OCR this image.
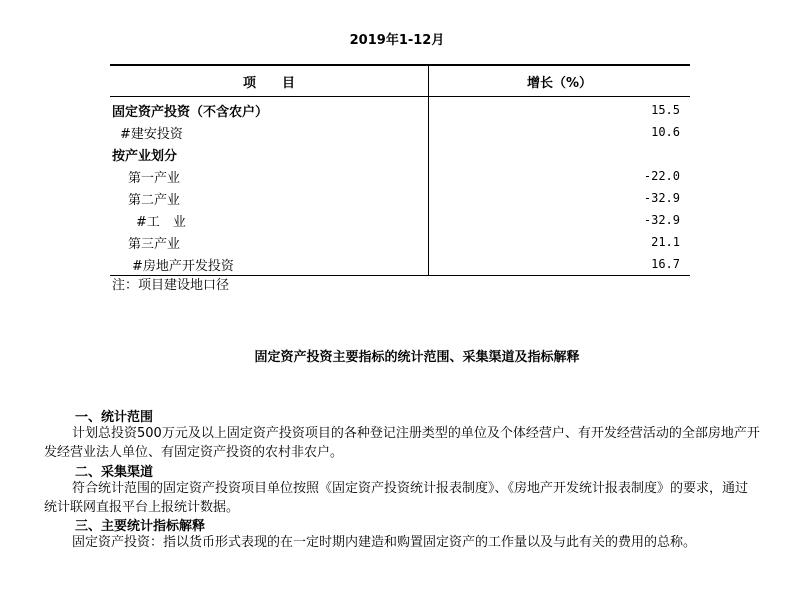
2019年1-12月
项　　目	增长（%）
固定资产投资（不含农户）	15.5
#建安投资	10.6
按产业划分	
第一产业	-22.0
第二产业	-32.9
#工　业	-32.9
第三产业	21.1
#房地产开发投资	16.7
注：项目建设地口径
固定资产投资主要指标的统计范围、采集渠道及指标解释
一、统计范围

计划总投资500万元及以上固定资产投资项目的各种登记注册类型的单位及个体经营户、有开发经营活动的全部房地产开发经营业法人单位、有固定资产投资的农村非农户。

二、采集渠道

符合统计范围的固定资产投资项目单位按照《固定资产投资统计报表制度》、《房地产开发统计报表制度》的要求，通过统计联网直报平台上报统计数据。

三、主要统计指标解释

固定资产投资：指以货币形式表现的在一定时期内建造和购置固定资产的工作量以及与此有关的费用的总称。
